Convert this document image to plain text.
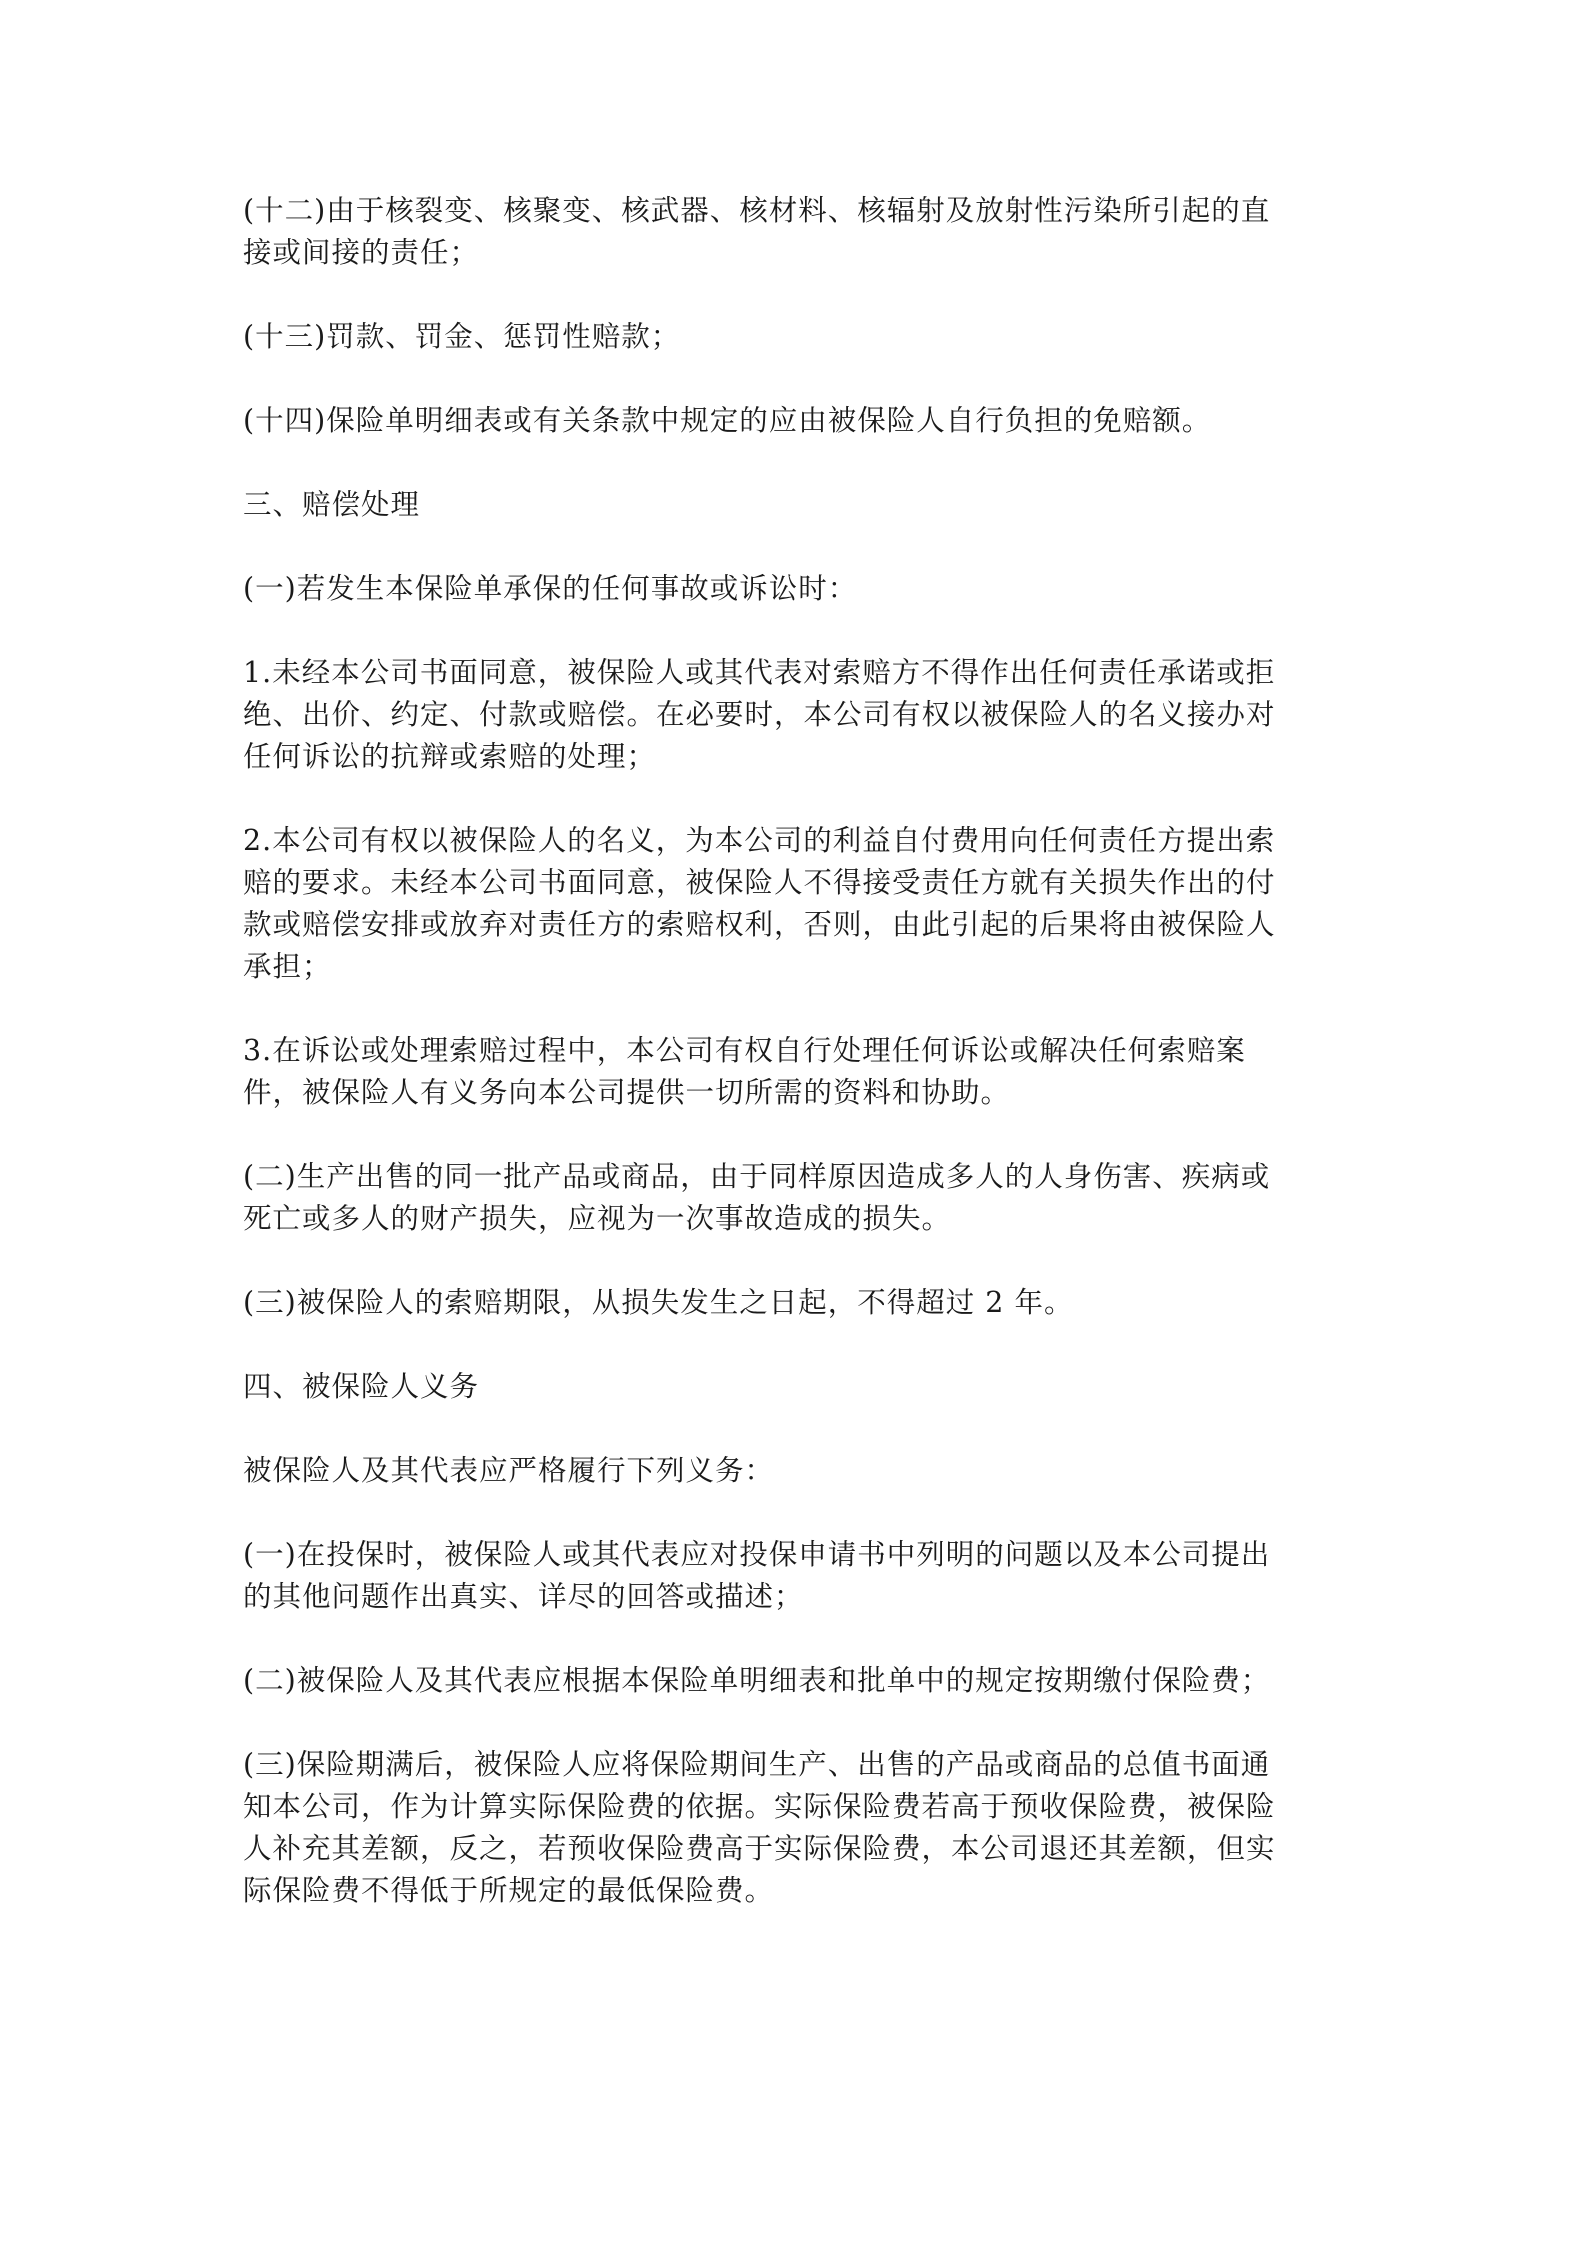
(十二)由于核裂变、核聚变、核武器、核材料、核辐射及放射性污染所引起的直
接或间接的责任；
(十三)罚款、罚金、惩罚性赔款；
(十四)保险单明细表或有关条款中规定的应由被保险人自行负担的免赔额。
三、赔偿处理
(一)若发生本保险单承保的任何事故或诉讼时：
1.未经本公司书面同意，被保险人或其代表对索赔方不得作出任何责任承诺或拒
绝、出价、约定、付款或赔偿。在必要时，本公司有权以被保险人的名义接办对
任何诉讼的抗辩或索赔的处理；
2.本公司有权以被保险人的名义，为本公司的利益自付费用向任何责任方提出索
赔的要求。未经本公司书面同意，被保险人不得接受责任方就有关损失作出的付
款或赔偿安排或放弃对责任方的索赔权利，否则，由此引起的后果将由被保险人
承担；
3.在诉讼或处理索赔过程中，本公司有权自行处理任何诉讼或解决任何索赔案
件，被保险人有义务向本公司提供一切所需的资料和协助。
(二)生产出售的同一批产品或商品，由于同样原因造成多人的人身伤害、疾病或
死亡或多人的财产损失，应视为一次事故造成的损失。
(三)被保险人的索赔期限，从损失发生之日起，不得超过 2 年。
四、被保险人义务
被保险人及其代表应严格履行下列义务：
(一)在投保时，被保险人或其代表应对投保申请书中列明的问题以及本公司提出
的其他问题作出真实、详尽的回答或描述；
(二)被保险人及其代表应根据本保险单明细表和批单中的规定按期缴付保险费；
(三)保险期满后，被保险人应将保险期间生产、出售的产品或商品的总值书面通
知本公司，作为计算实际保险费的依据。实际保险费若高于预收保险费，被保险
人补充其差额，反之，若预收保险费高于实际保险费，本公司退还其差额，但实
际保险费不得低于所规定的最低保险费。
